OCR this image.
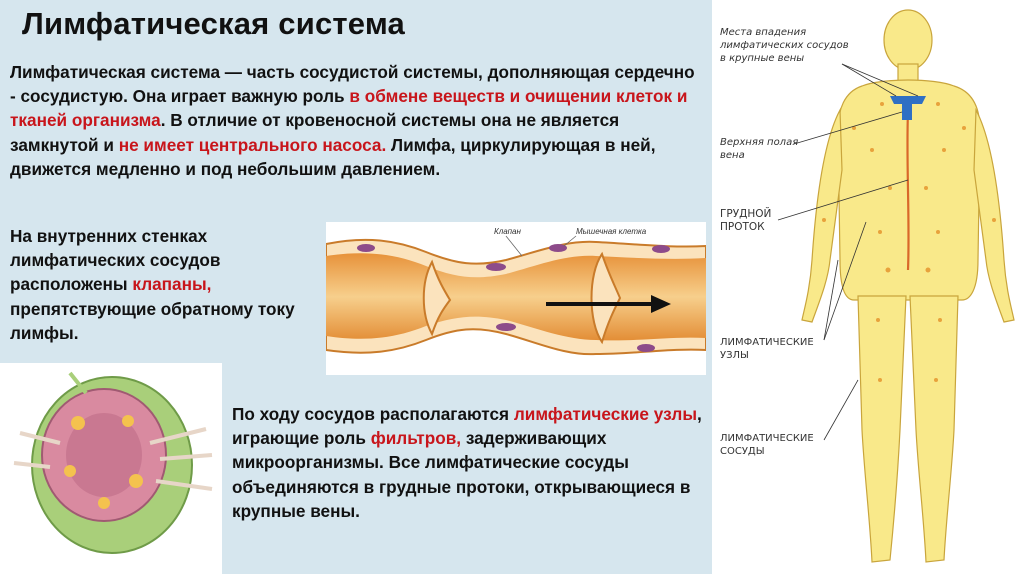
Лимфатическая система
Лимфатическая система — часть сосудистой системы, дополняющая сердечно - сосудистую. Она играет важную роль в обмене веществ и очищении клеток и тканей организма. В отличие от кровеносной системы она не является замкнутой и не имеет центрального насоса. Лимфа, циркулирующая в ней, движется медленно и под небольшим давлением.
На внутренних стенках лимфатических сосудов расположены клапаны, препятствующие обратному току лимфы.
Клапан	Мышечная клетка
По ходу сосудов располагаются лимфатические узлы, играющие роль фильтров, задерживающих микроорганизмы. Все лимфатические сосуды объединяются в грудные протоки, открывающиеся в крупные вены.
Места впадения лимфатических сосудов в крупные вены
Верхняя полая вена
ГРУДНОЙ ПРОТОК
ЛИМФАТИЧЕСКИЕ УЗЛЫ
ЛИМФАТИЧЕСКИЕ СОСУДЫ
